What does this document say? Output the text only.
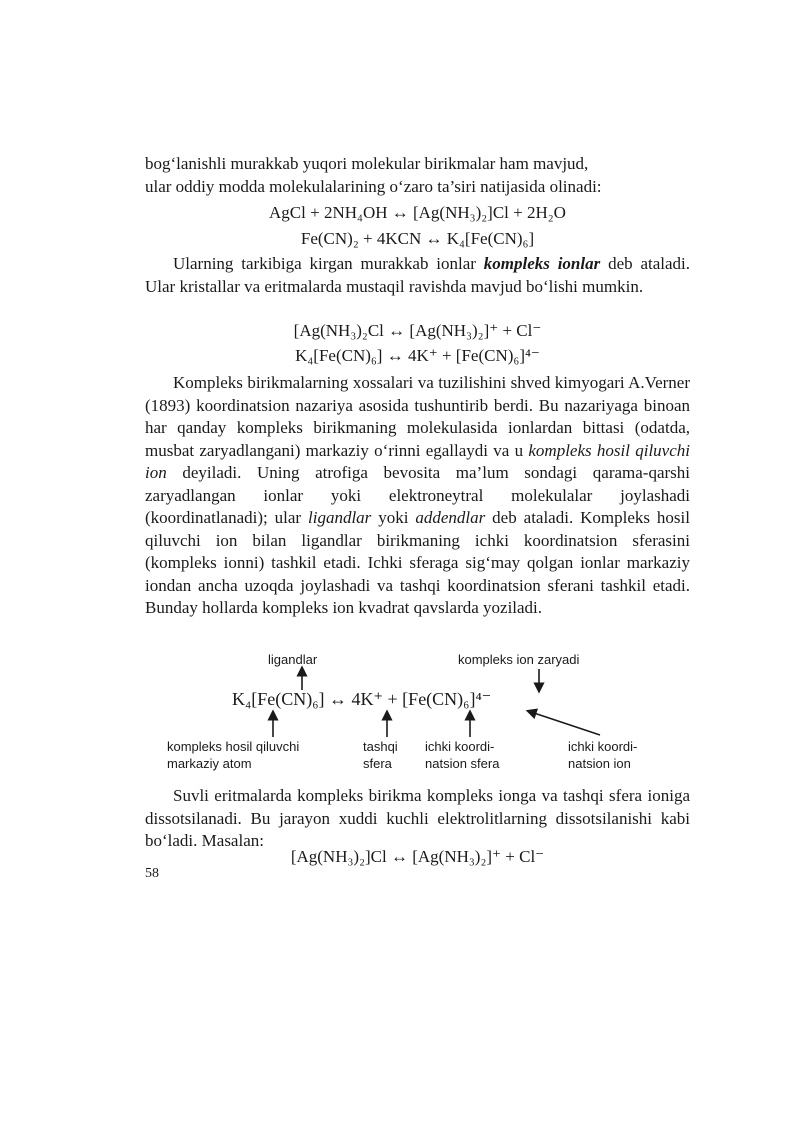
bog‘lanishli murakkab yuqori molekular birikmalar ham mavjud,
ular oddiy modda molekulalarining o‘zaro ta’siri natijasida olinadi:
AgCl + 2NH₄OH ↔ [Ag(NH₃)₂]Cl + 2H₂O
Fe(CN)₂ + 4KCN ↔ K₄[Fe(CN)₆]

Ularning tarkibiga kirgan murakkab ionlar kompleks ionlar deb ataladi. Ular kristallar va eritmalarda mustaqil ravishda mavjud bo‘lishi mumkin.

[Ag(NH₃)₂Cl ↔ [Ag(NH₃)₂]⁺ + Cl⁻
K₄[Fe(CN)₆] ↔ 4K⁺ + [Fe(CN)₆]⁴⁻

Kompleks birikmalarning xossalari va tuzilishini shved kimyogari A.Verner (1893) koordinatsion nazariya asosida tushuntirib berdi. Bu nazariyaga binoan har qanday kompleks birikmaning molekulasida ionlardan bittasi (odatda, musbat zaryadlangani) markaziy o‘rinni egallaydi va u kompleks hosil qiluvchi ion deyiladi. Uning atrofiga bevosita ma’lum sondagi qarama-qarshi zaryadlangan ionlar yoki elektroneytral molekulalar joylashadi (koordinatlanadi); ular ligandlar yoki addendlar deb ataladi. Kompleks hosil qiluvchi ion bilan ligandlar birikmaning ichki koordinatsion sferasini (kompleks ionni) tashkil etadi. Ichki sferaga sig‘may qolgan ionlar markaziy iondan ancha uzoqda joylashadi va tashqi koordinatsion sferani tashkil etadi. Bunday hollarda kompleks ion kvadrat qavslarda yoziladi.

ligandlar	kompleks ion zaryadi
K₄[Fe(CN)₆] ↔ 4K⁺ + [Fe(CN)₆]⁴⁻
kompleks hosil qiluvchi
markaziy atom
tashqi
sfera
ichki koordi-
natsion sfera
ichki koordi-
natsion ion

Suvli eritmalarda kompleks birikma kompleks ionga va tashqi sfera ioniga dissotsilanadi. Bu jarayon xuddi kuchli elektrolitlarning dissotsilanishi kabi bo‘ladi. Masalan:

[Ag(NH₃)₂]Cl ↔ [Ag(NH₃)₂]⁺ + Cl⁻
58
